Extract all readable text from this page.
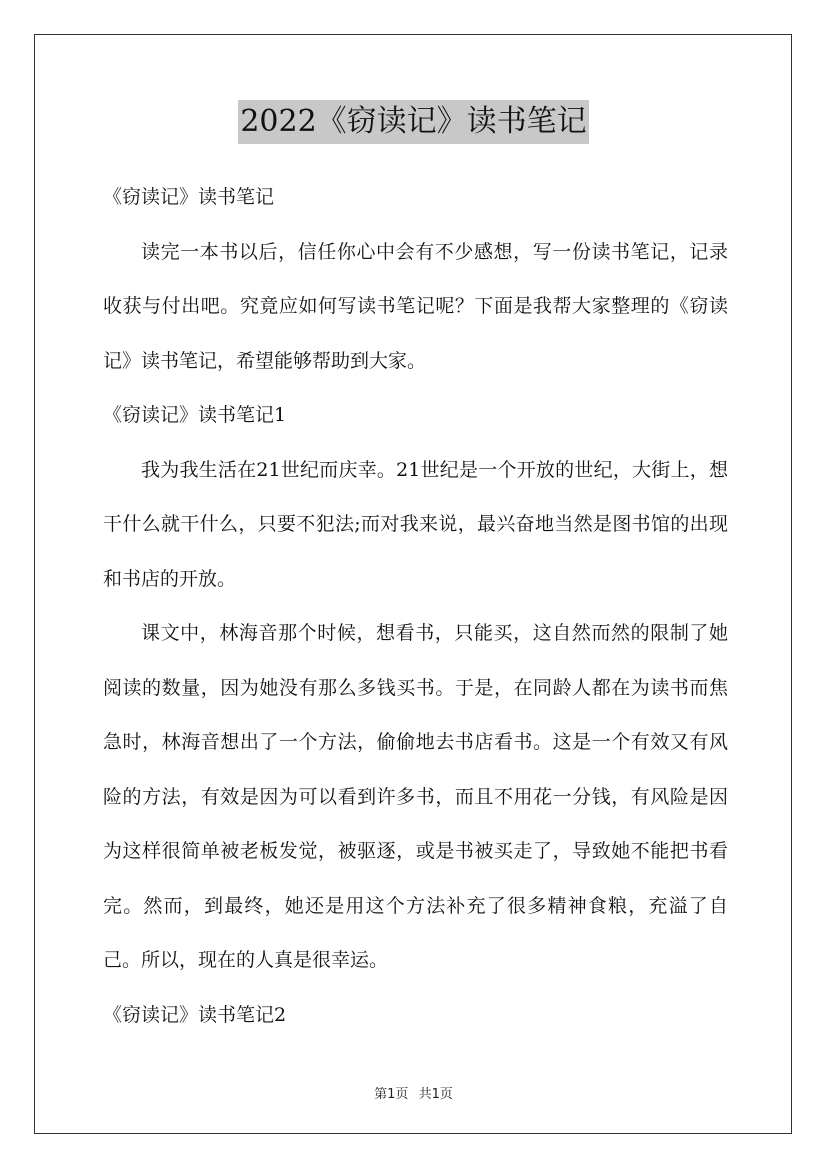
2022《窃读记》读书笔记

《窃读记》读书笔记

读完一本书以后，信任你心中会有不少感想，写一份读书笔记，记录收获与付出吧。究竟应如何写读书笔记呢？下面是我帮大家整理的《窃读记》读书笔记，希望能够帮助到大家。

《窃读记》读书笔记1

我为我生活在21世纪而庆幸。21世纪是一个开放的世纪，大街上，想干什么就干什么，只要不犯法;而对我来说，最兴奋地当然是图书馆的出现和书店的开放。

课文中，林海音那个时候，想看书，只能买，这自然而然的限制了她阅读的数量，因为她没有那么多钱买书。于是，在同龄人都在为读书而焦急时，林海音想出了一个方法，偷偷地去书店看书。这是一个有效又有风险的方法，有效是因为可以看到许多书，而且不用花一分钱，有风险是因为这样很简单被老板发觉，被驱逐，或是书被买走了，导致她不能把书看完。然而，到最终，她还是用这个方法补充了很多精神食粮，充溢了自己。所以，现在的人真是很幸运。

《窃读记》读书笔记2

第1页 共1页
